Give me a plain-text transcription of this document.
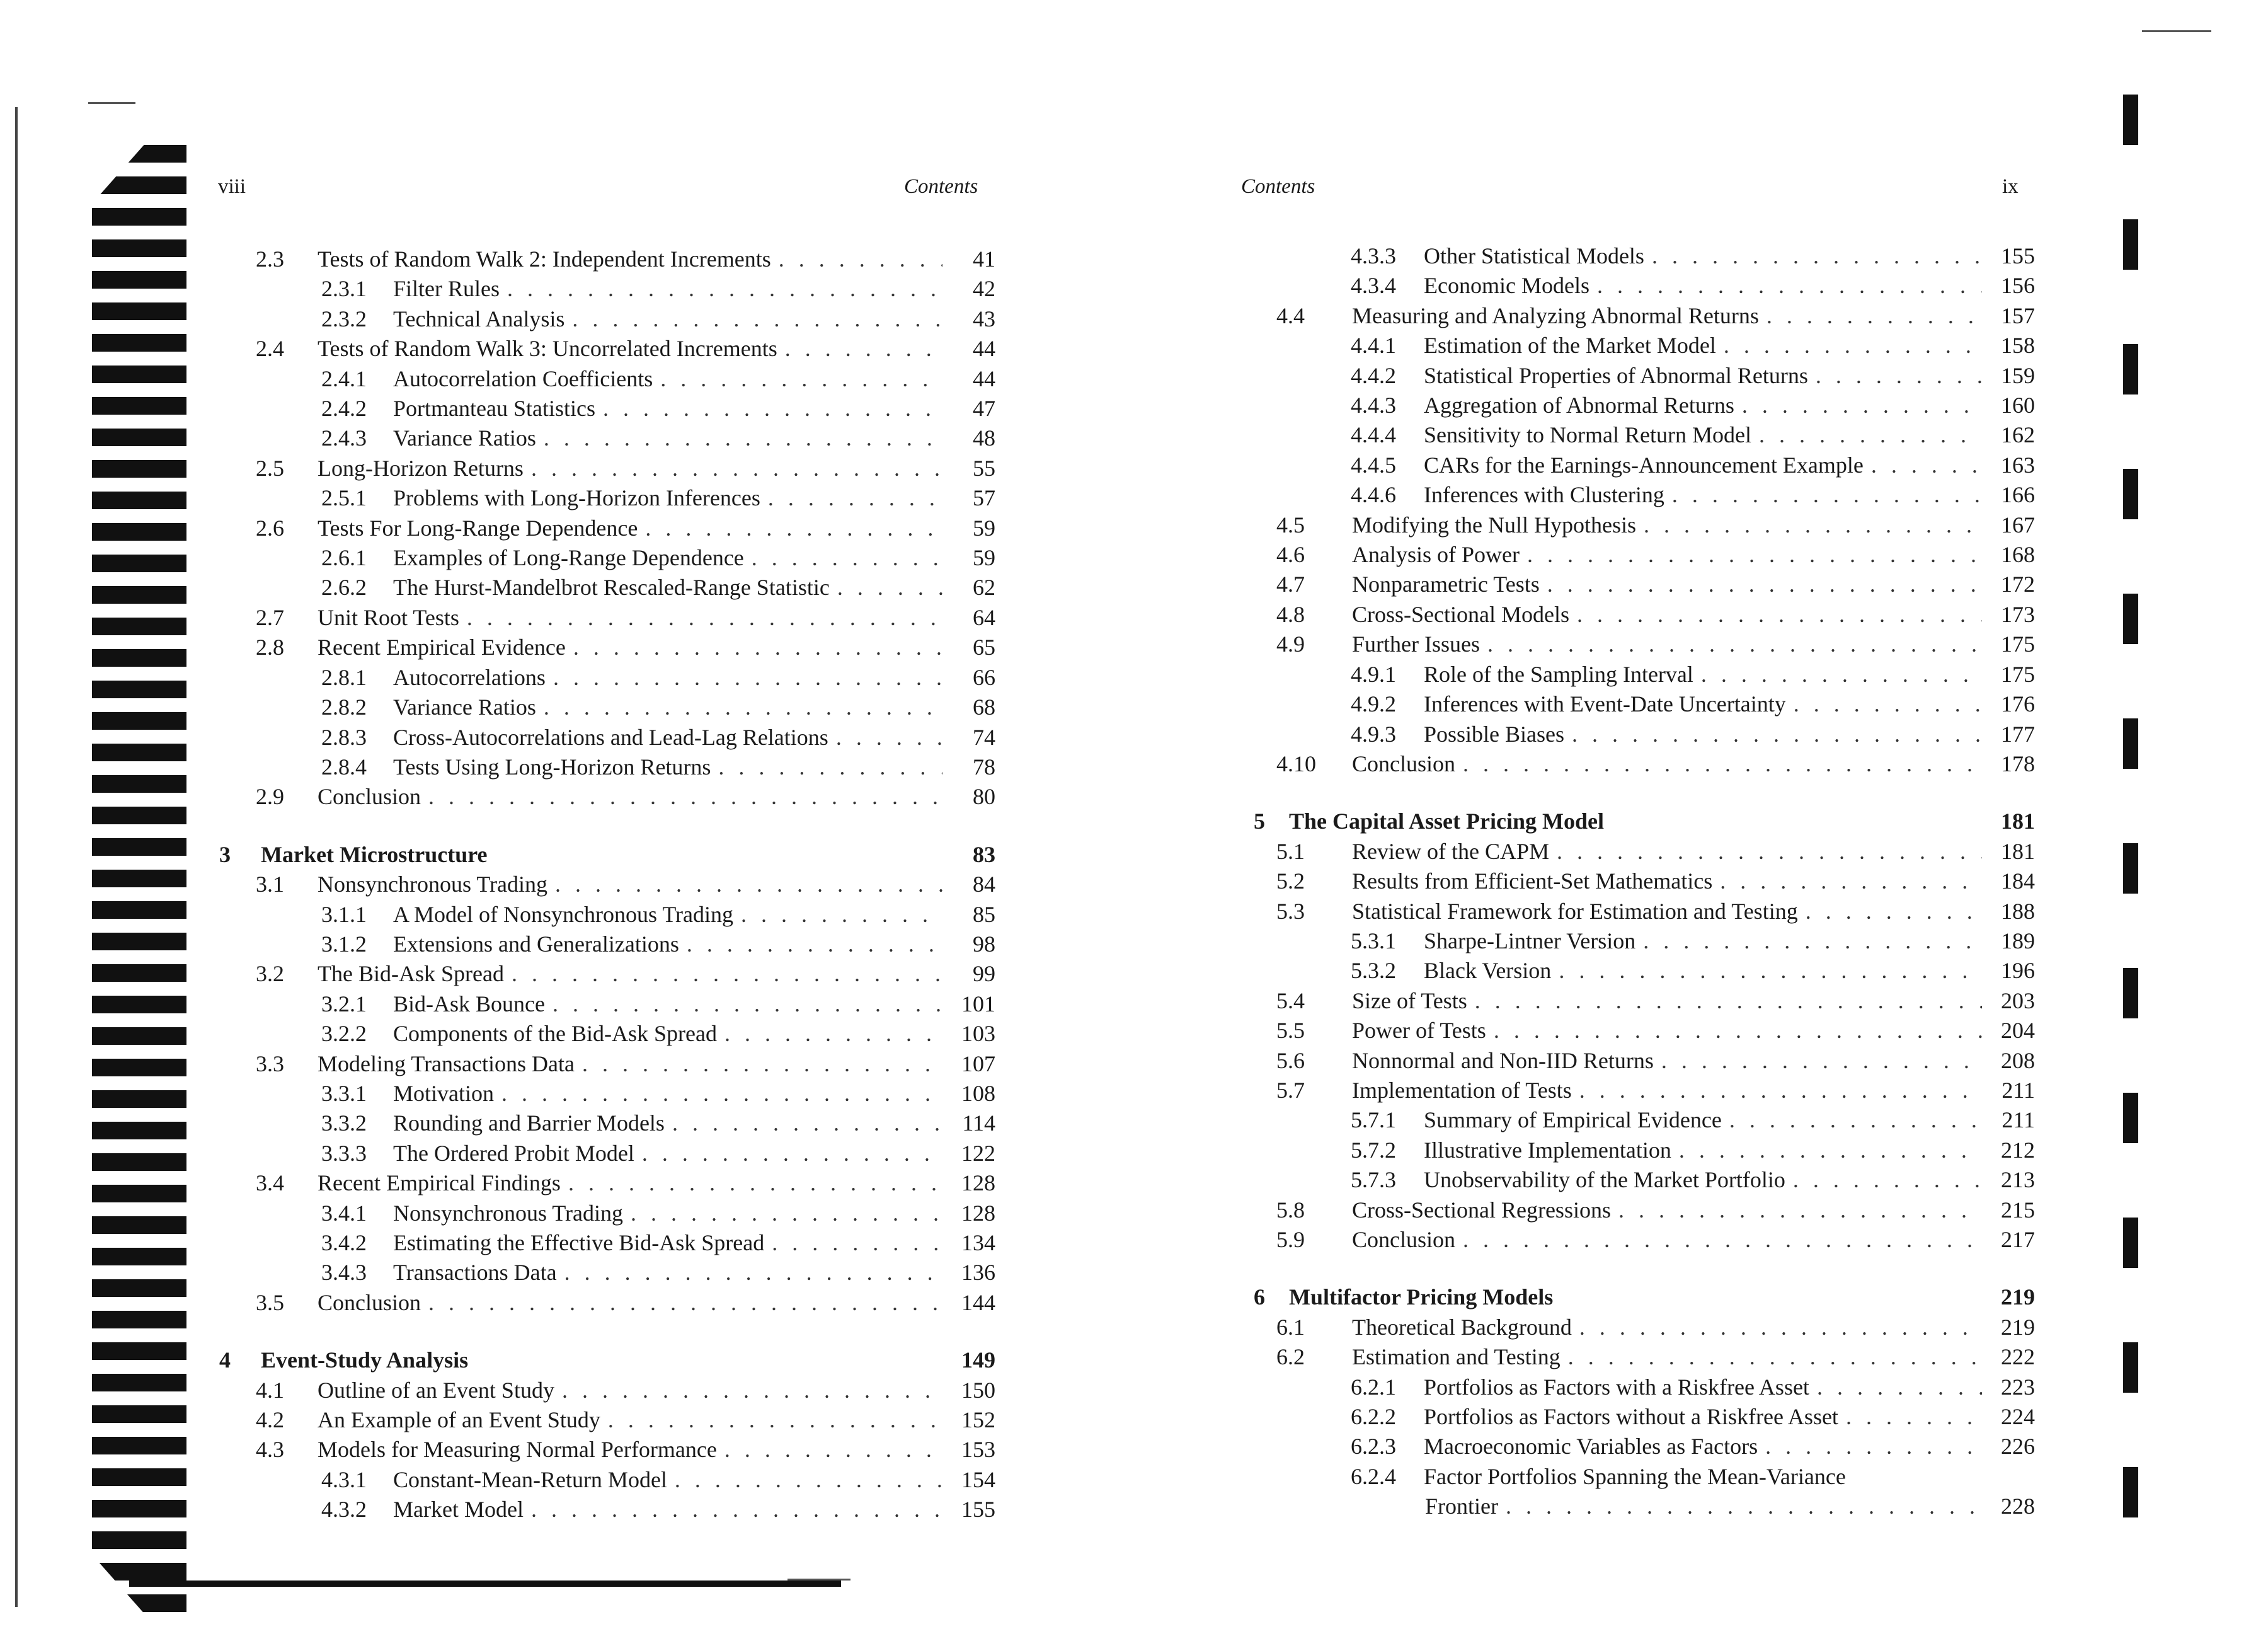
viii	Contents
2.3	Tests of Random Walk 2: Independent Increments . . .	41
2.3.1	Filter Rules . . .	42
2.3.2	Technical Analysis . . .	43
2.4	Tests of Random Walk 3: Uncorrelated Increments . . .	44
2.4.1	Autocorrelation Coefficients . . .	44
2.4.2	Portmanteau Statistics . . .	47
2.4.3	Variance Ratios . . .	48
2.5	Long-Horizon Returns . . .	55
2.5.1	Problems with Long-Horizon Inferences . . .	57
2.6	Tests For Long-Range Dependence . . .	59
2.6.1	Examples of Long-Range Dependence . . .	59
2.6.2	The Hurst-Mandelbrot Rescaled-Range Statistic . . .	62
2.7	Unit Root Tests . . .	64
2.8	Recent Empirical Evidence . . .	65
2.8.1	Autocorrelations . . .	66
2.8.2	Variance Ratios . . .	68
2.8.3	Cross-Autocorrelations and Lead-Lag Relations . . .	74
2.8.4	Tests Using Long-Horizon Returns . . .	78
2.9	Conclusion . . .	80
3	Market Microstructure	83
3.1	Nonsynchronous Trading . . .	84
3.1.1	A Model of Nonsynchronous Trading . . .	85
3.1.2	Extensions and Generalizations . . .	98
3.2	The Bid-Ask Spread . . .	99
3.2.1	Bid-Ask Bounce . . .	101
3.2.2	Components of the Bid-Ask Spread . . .	103
3.3	Modeling Transactions Data . . .	107
3.3.1	Motivation . . .	108
3.3.2	Rounding and Barrier Models . . .	114
3.3.3	The Ordered Probit Model . . .	122
3.4	Recent Empirical Findings . . .	128
3.4.1	Nonsynchronous Trading . . .	128
3.4.2	Estimating the Effective Bid-Ask Spread . . .	134
3.4.3	Transactions Data . . .	136
3.5	Conclusion . . .	144
4	Event-Study Analysis	149
4.1	Outline of an Event Study . . .	150
4.2	An Example of an Event Study . . .	152
4.3	Models for Measuring Normal Performance . . .	153
4.3.1	Constant-Mean-Return Model . . .	154
4.3.2	Market Model . . .	155
Contents	ix
4.3.3	Other Statistical Models . . .	155
4.3.4	Economic Models . . .	156
4.4	Measuring and Analyzing Abnormal Returns . . .	157
4.4.1	Estimation of the Market Model . . .	158
4.4.2	Statistical Properties of Abnormal Returns . . .	159
4.4.3	Aggregation of Abnormal Returns . . .	160
4.4.4	Sensitivity to Normal Return Model . . .	162
4.4.5	CARs for the Earnings-Announcement Example . . .	163
4.4.6	Inferences with Clustering . . .	166
4.5	Modifying the Null Hypothesis . . .	167
4.6	Analysis of Power . . .	168
4.7	Nonparametric Tests . . .	172
4.8	Cross-Sectional Models . . .	173
4.9	Further Issues . . .	175
4.9.1	Role of the Sampling Interval . . .	175
4.9.2	Inferences with Event-Date Uncertainty . . .	176
4.9.3	Possible Biases . . .	177
4.10	Conclusion . . .	178
5	The Capital Asset Pricing Model	181
5.1	Review of the CAPM . . .	181
5.2	Results from Efficient-Set Mathematics . . .	184
5.3	Statistical Framework for Estimation and Testing . . .	188
5.3.1	Sharpe-Lintner Version . . .	189
5.3.2	Black Version . . .	196
5.4	Size of Tests . . .	203
5.5	Power of Tests . . .	204
5.6	Nonnormal and Non-IID Returns . . .	208
5.7	Implementation of Tests . . .	211
5.7.1	Summary of Empirical Evidence . . .	211
5.7.2	Illustrative Implementation . . .	212
5.7.3	Unobservability of the Market Portfolio . . .	213
5.8	Cross-Sectional Regressions . . .	215
5.9	Conclusion . . .	217
6	Multifactor Pricing Models	219
6.1	Theoretical Background . . .	219
6.2	Estimation and Testing . . .	222
6.2.1	Portfolios as Factors with a Riskfree Asset . . .	223
6.2.2	Portfolios as Factors without a Riskfree Asset . . .	224
6.2.3	Macroeconomic Variables as Factors . . .	226
6.2.4	Factor Portfolios Spanning the Mean-Variance
Frontier . . .	228
